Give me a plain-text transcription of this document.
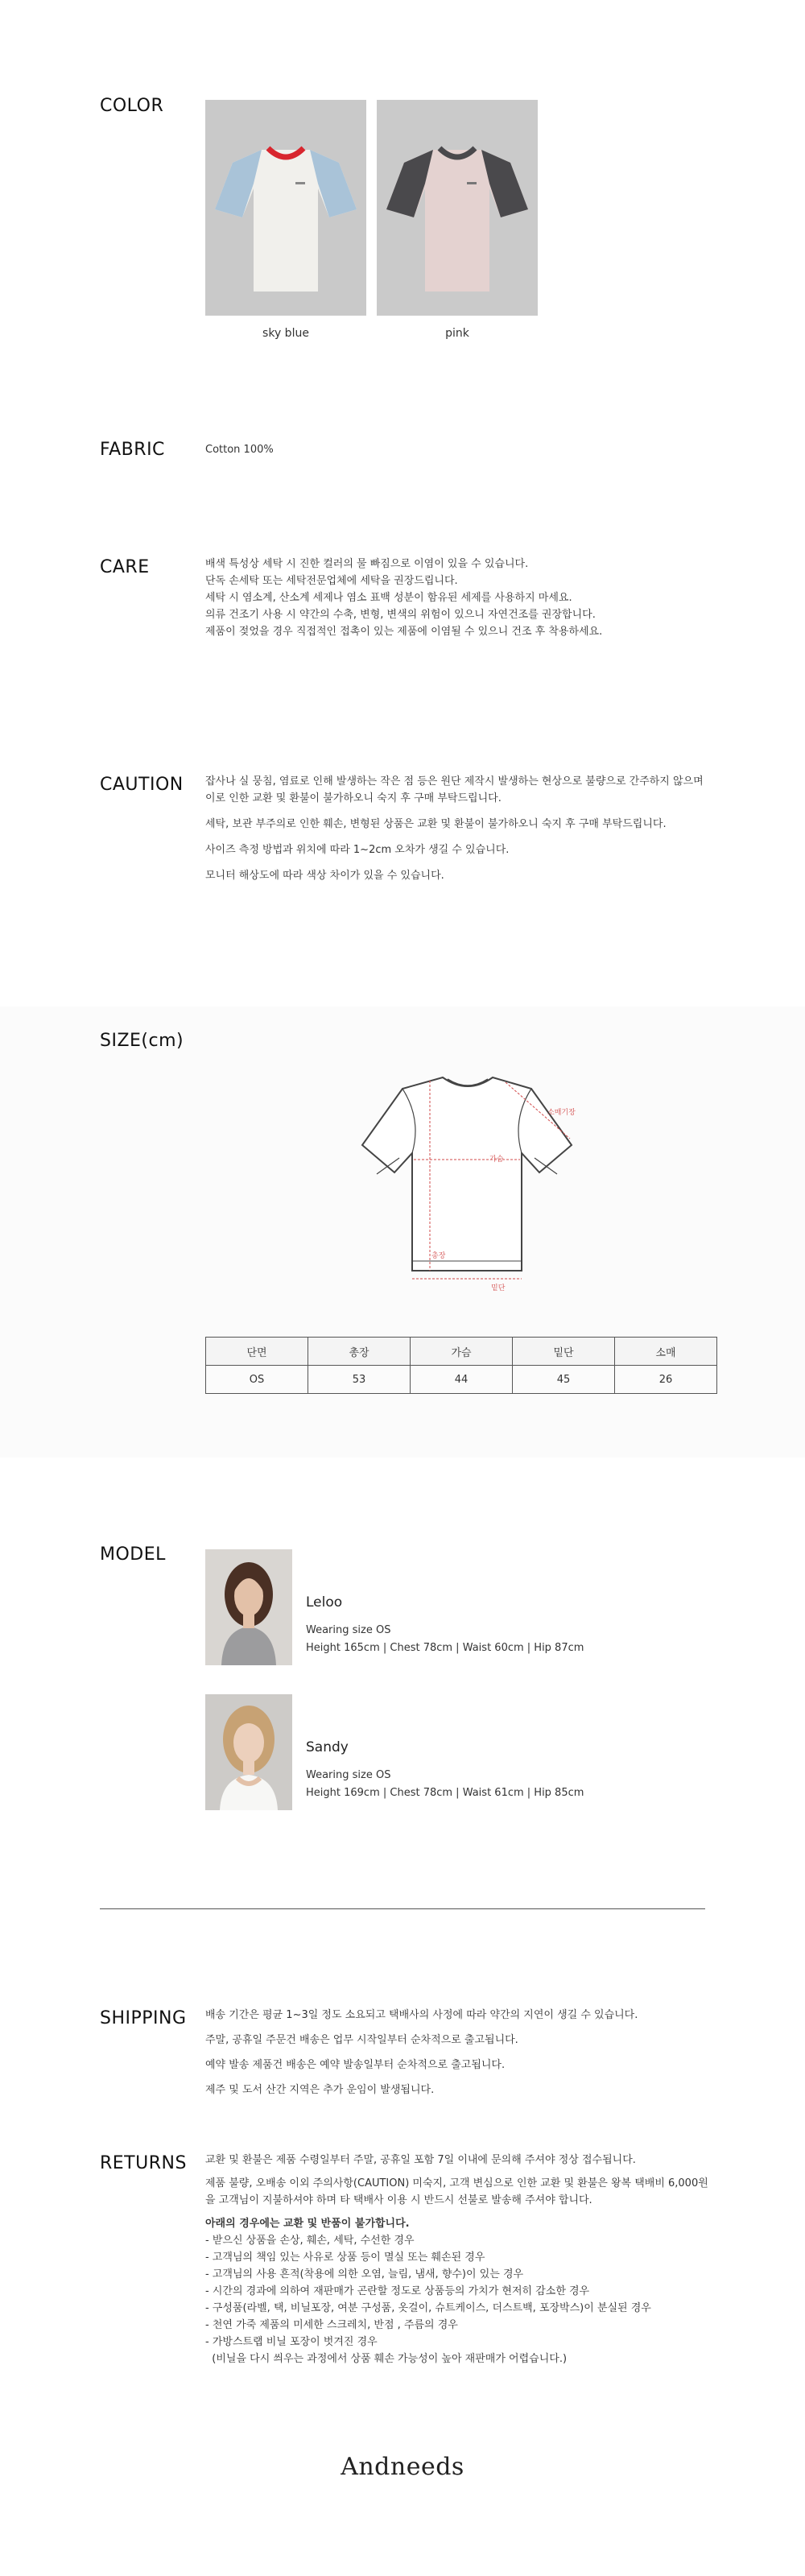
COLOR
sky blue	pink
FABRIC	Cotton 100%
CARE	배색 특성상 세탁 시 진한 컬러의 물 빠짐으로 이염이 있을 수 있습니다.

단독 손세탁 또는 세탁전문업체에 세탁을 권장드립니다.

세탁 시 염소계, 산소계 세제나 염소 표백 성분이 함유된 세제를 사용하지 마세요.

의류 건조기 사용 시 약간의 수축, 변형, 변색의 위험이 있으니 자연건조를 권장합니다.

제품이 젖었을 경우 직접적인 접촉이 있는 제품에 이염될 수 있으니 건조 후 착용하세요.

CAUTION 잡사나 실 뭉침, 염료로 인해 발생하는 작은 점 등은 원단 제작시 발생하는 현상으로 불량으로 간주하지 않으며 이로 인한 교환 및 환불이 불가하오니 숙지 후 구매 부탁드립니다.

세탁, 보관 부주의로 인한 훼손, 변형된 상품은 교환 및 환불이 불가하오니 숙지 후 구매 부탁드립니다.

사이즈 측정 방법과 위치에 따라 1~2cm 오차가 생길 수 있습니다.

모니터 해상도에 따라 색상 차이가 있을 수 있습니다.

SIZE(cm)
소매기장
가슴
총장
밑단
단면	총장	가슴	밑단	소매
OS	53	44	45	26
MODEL
Leloo
Wearing size OS
Height 165cm | Chest 78cm | Waist 60cm | Hip 87cm
Sandy
Wearing size OS
Height 169cm | Chest 78cm | Waist 61cm | Hip 85cm
SHIPPING 배송 기간은 평균 1~3일 정도 소요되고 택배사의 사정에 따라 약간의 지연이 생길 수 있습니다.

주말, 공휴일 주문건 배송은 업무 시작일부터 순차적으로 출고됩니다.

예약 발송 제품건 배송은 예약 발송일부터 순차적으로 출고됩니다.

제주 및 도서 산간 지역은 추가 운임이 발생됩니다.

RETURNS 교환 및 환불은 제품 수령일부터 주말, 공휴일 포함 7일 이내에 문의해 주셔야 정상 접수됩니다.

제품 불량, 오배송 이외 주의사항(CAUTION) 미숙지, 고객 변심으로 인한 교환 및 환불은 왕복 택배비 6,000원을 고객님이 지불하셔야 하며 타 택배사 이용 시 반드시 선불로 발송해 주셔야 합니다.

아래의 경우에는 교환 및 반품이 불가합니다.

- 받으신 상품을 손상, 훼손, 세탁, 수선한 경우

- 고객님의 책임 있는 사유로 상품 등이 멸실 또는 훼손된 경우

- 고객님의 사용 흔적(착용에 의한 오염, 늘림, 냄새, 향수)이 있는 경우

- 시간의 경과에 의하여 재판매가 곤란할 정도로 상품등의 가치가 현저히 감소한 경우

- 구성품(라벨, 택, 비닐포장, 여분 구성품, 옷걸이, 슈트케이스, 더스트백, 포장박스)이 분실된 경우

- 천연 가죽 제품의 미세한 스크레치, 반점 , 주름의 경우

- 가방스트랩 비닐 포장이 벗겨진 경우

(비닐을 다시 씌우는 과정에서 상품 훼손 가능성이 높아 재판매가 어렵습니다.)

Andneeds
